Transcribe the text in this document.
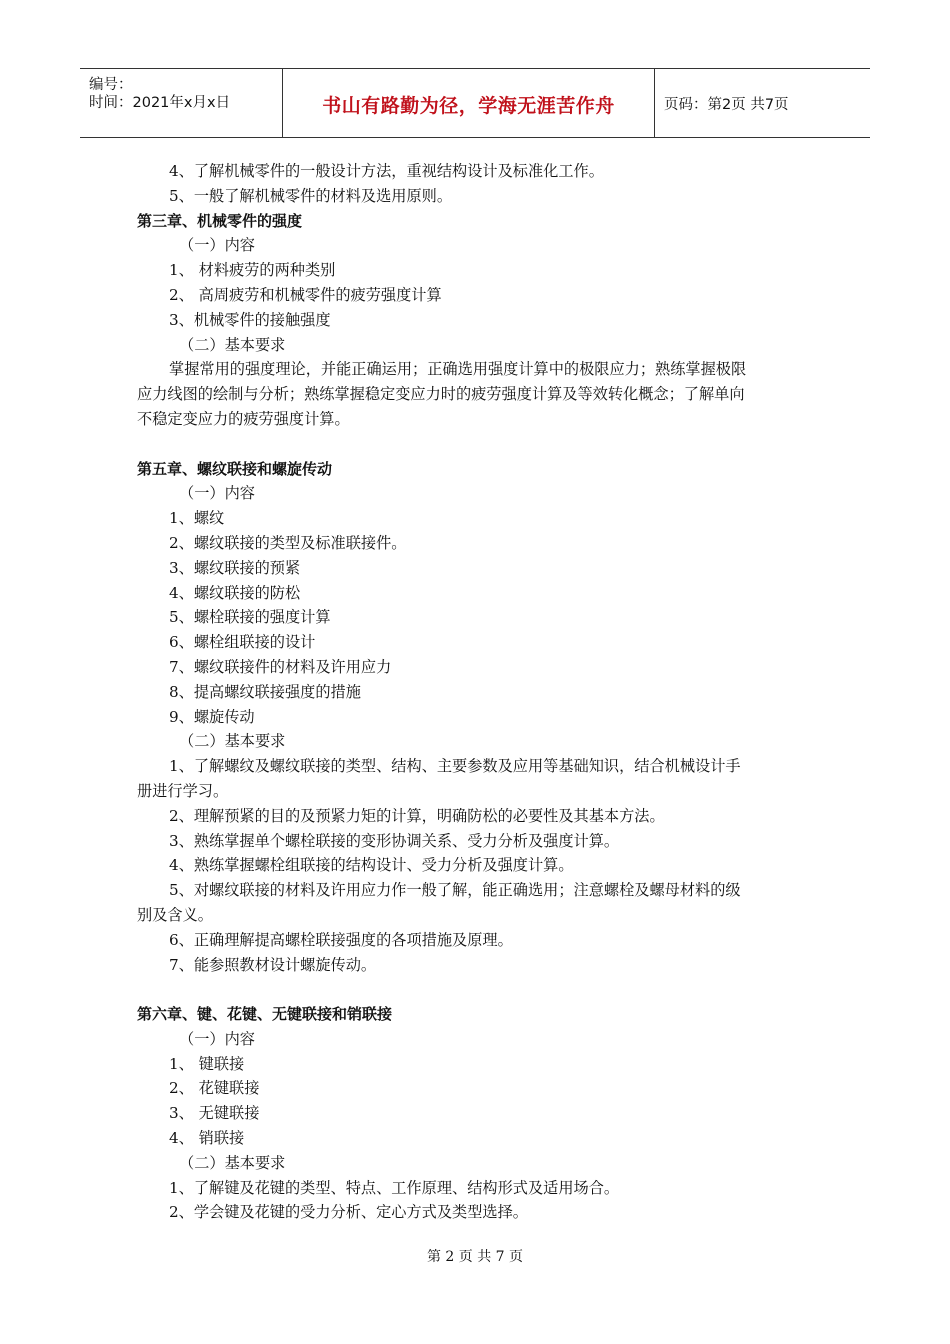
编号：
时间：2021年x月x日	书山有路勤为径，学海无涯苦作舟	页码：第2页 共7页
4、了解机械零件的一般设计方法，重视结构设计及标准化工作。
5、一般了解机械零件的材料及选用原则。
第三章、机械零件的强度
（一）内容
1、 材料疲劳的两种类别
2、 高周疲劳和机械零件的疲劳强度计算
3、机械零件的接触强度
（二）基本要求
掌握常用的强度理论，并能正确运用；正确选用强度计算中的极限应力；熟练掌握极限
应力线图的绘制与分析；熟练掌握稳定变应力时的疲劳强度计算及等效转化概念；了解单向
不稳定变应力的疲劳强度计算。
第五章、螺纹联接和螺旋传动
（一）内容
1、螺纹
2、螺纹联接的类型及标准联接件。
3、螺纹联接的预紧
4、螺纹联接的防松
5、螺栓联接的强度计算
6、螺栓组联接的设计
7、螺纹联接件的材料及许用应力
8、提高螺纹联接强度的措施
9、螺旋传动
（二）基本要求
1、了解螺纹及螺纹联接的类型、结构、主要参数及应用等基础知识，结合机械设计手
册进行学习。
2、理解预紧的目的及预紧力矩的计算，明确防松的必要性及其基本方法。
3、熟练掌握单个螺栓联接的变形协调关系、受力分析及强度计算。
4、熟练掌握螺栓组联接的结构设计、受力分析及强度计算。
5、对螺纹联接的材料及许用应力作一般了解，能正确选用；注意螺栓及螺母材料的级
别及含义。
6、正确理解提高螺栓联接强度的各项措施及原理。
7、能参照教材设计螺旋传动。
第六章、键、花键、无键联接和销联接
（一）内容
1、 键联接
2、 花键联接
3、 无键联接
4、 销联接
（二）基本要求
1、了解键及花键的类型、特点、工作原理、结构形式及适用场合。
2、学会键及花键的受力分析、定心方式及类型选择。
第 2 页 共 7 页
